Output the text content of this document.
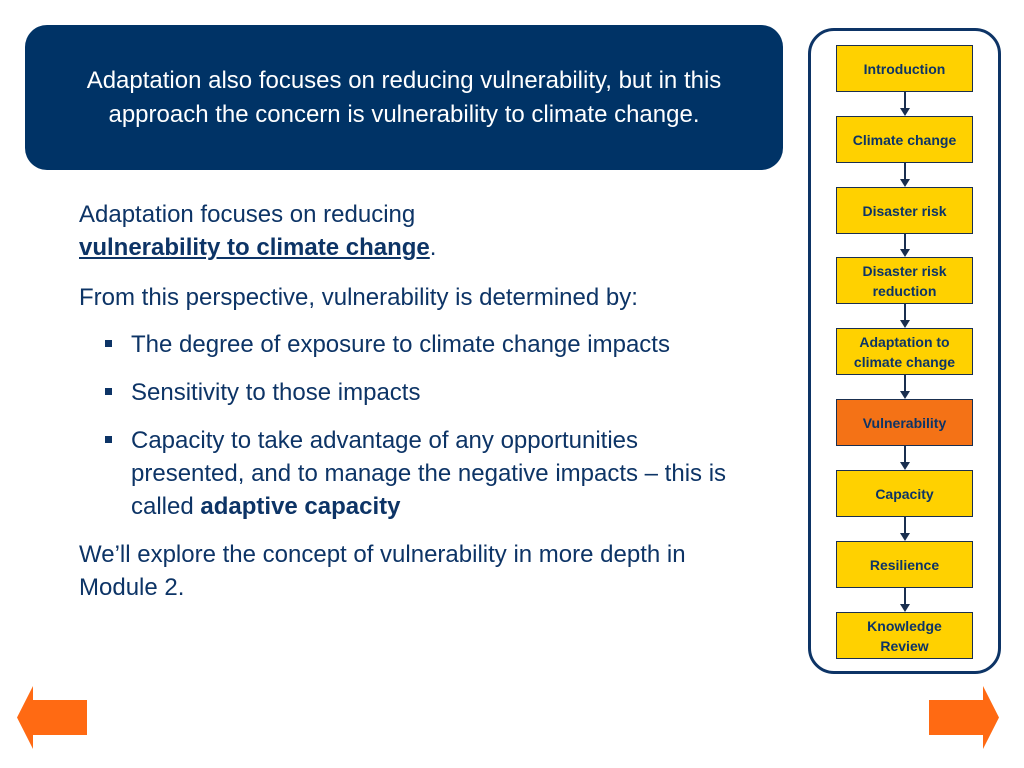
Adaptation also focuses on reducing vulnerability, but in this
approach the concern is vulnerability to climate change.

Adaptation focuses on reducing

vulnerability to climate change.

From this perspective, vulnerability is determined by:

The degree of exposure to climate change impacts
Sensitivity to those impacts
Capacity to take advantage of any opportunities presented, and to manage the negative impacts – this is called adaptive capacity

We’ll explore the concept of vulnerability in more depth in Module 2.

Introduction
Climate change
Disaster risk
Disaster risk reduction
Adaptation to climate change
Vulnerability
Capacity
Resilience
Knowledge Review
